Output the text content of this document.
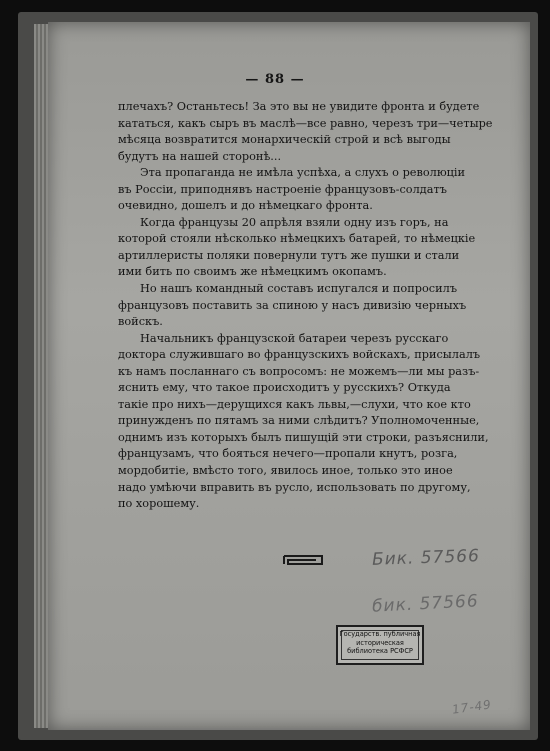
— 88 —
плечахъ? Останьтесь! За это вы не увидите фронта и будете
кататься, какъ сыръ въ маслѣ—все равно, черезъ три—четыре
мѣсяца возвратится монархическій строй и всѣ выгоды
будутъ на нашей сторонѣ...
Эта пропаганда не имѣла успѣха, а слухъ о революціи
въ Россіи, приподнявъ настроеніе французовъ-солдатъ
очевидно, дошелъ и до нѣмецкаго фронта.
Когда французы 20 апрѣля взяли одну изъ горъ, на
которой стояли нѣсколько нѣмецкихъ батарей, то нѣмецкіе
артиллеристы поляки повернули тутъ же пушки и стали
ими бить по своимъ же нѣмецкимъ окопамъ.
Но нашъ командный составъ испугался и попросилъ
французовъ поставить за спиною у насъ дивизію черныхъ
войскъ.
Начальникъ французской батареи черезъ русскаго
доктора служившаго во французскихъ войскахъ, присылалъ
къ намъ посланнаго съ вопросомъ: не можемъ—ли мы разъ-
яснить ему, что такое происходитъ у русскихъ? Откуда
такіе про нихъ—дерущихся какъ львы,—слухи, что кое кто
принужденъ по пятамъ за ними слѣдитъ? Уполномоченные,
однимъ изъ которыхъ былъ пишущій эти строки, разъяснили,
французамъ, что бояться нечего—пропали кнутъ, розга,
мордобитіе, вмѣсто того, явилось иное, только это иное
надо умѣючи вправить въ русло, использовать по другому,
по хорошему.
Бик. 57566
бик. 57566
17-49
Государств. публичная
историческая
библиотека РСФСР
